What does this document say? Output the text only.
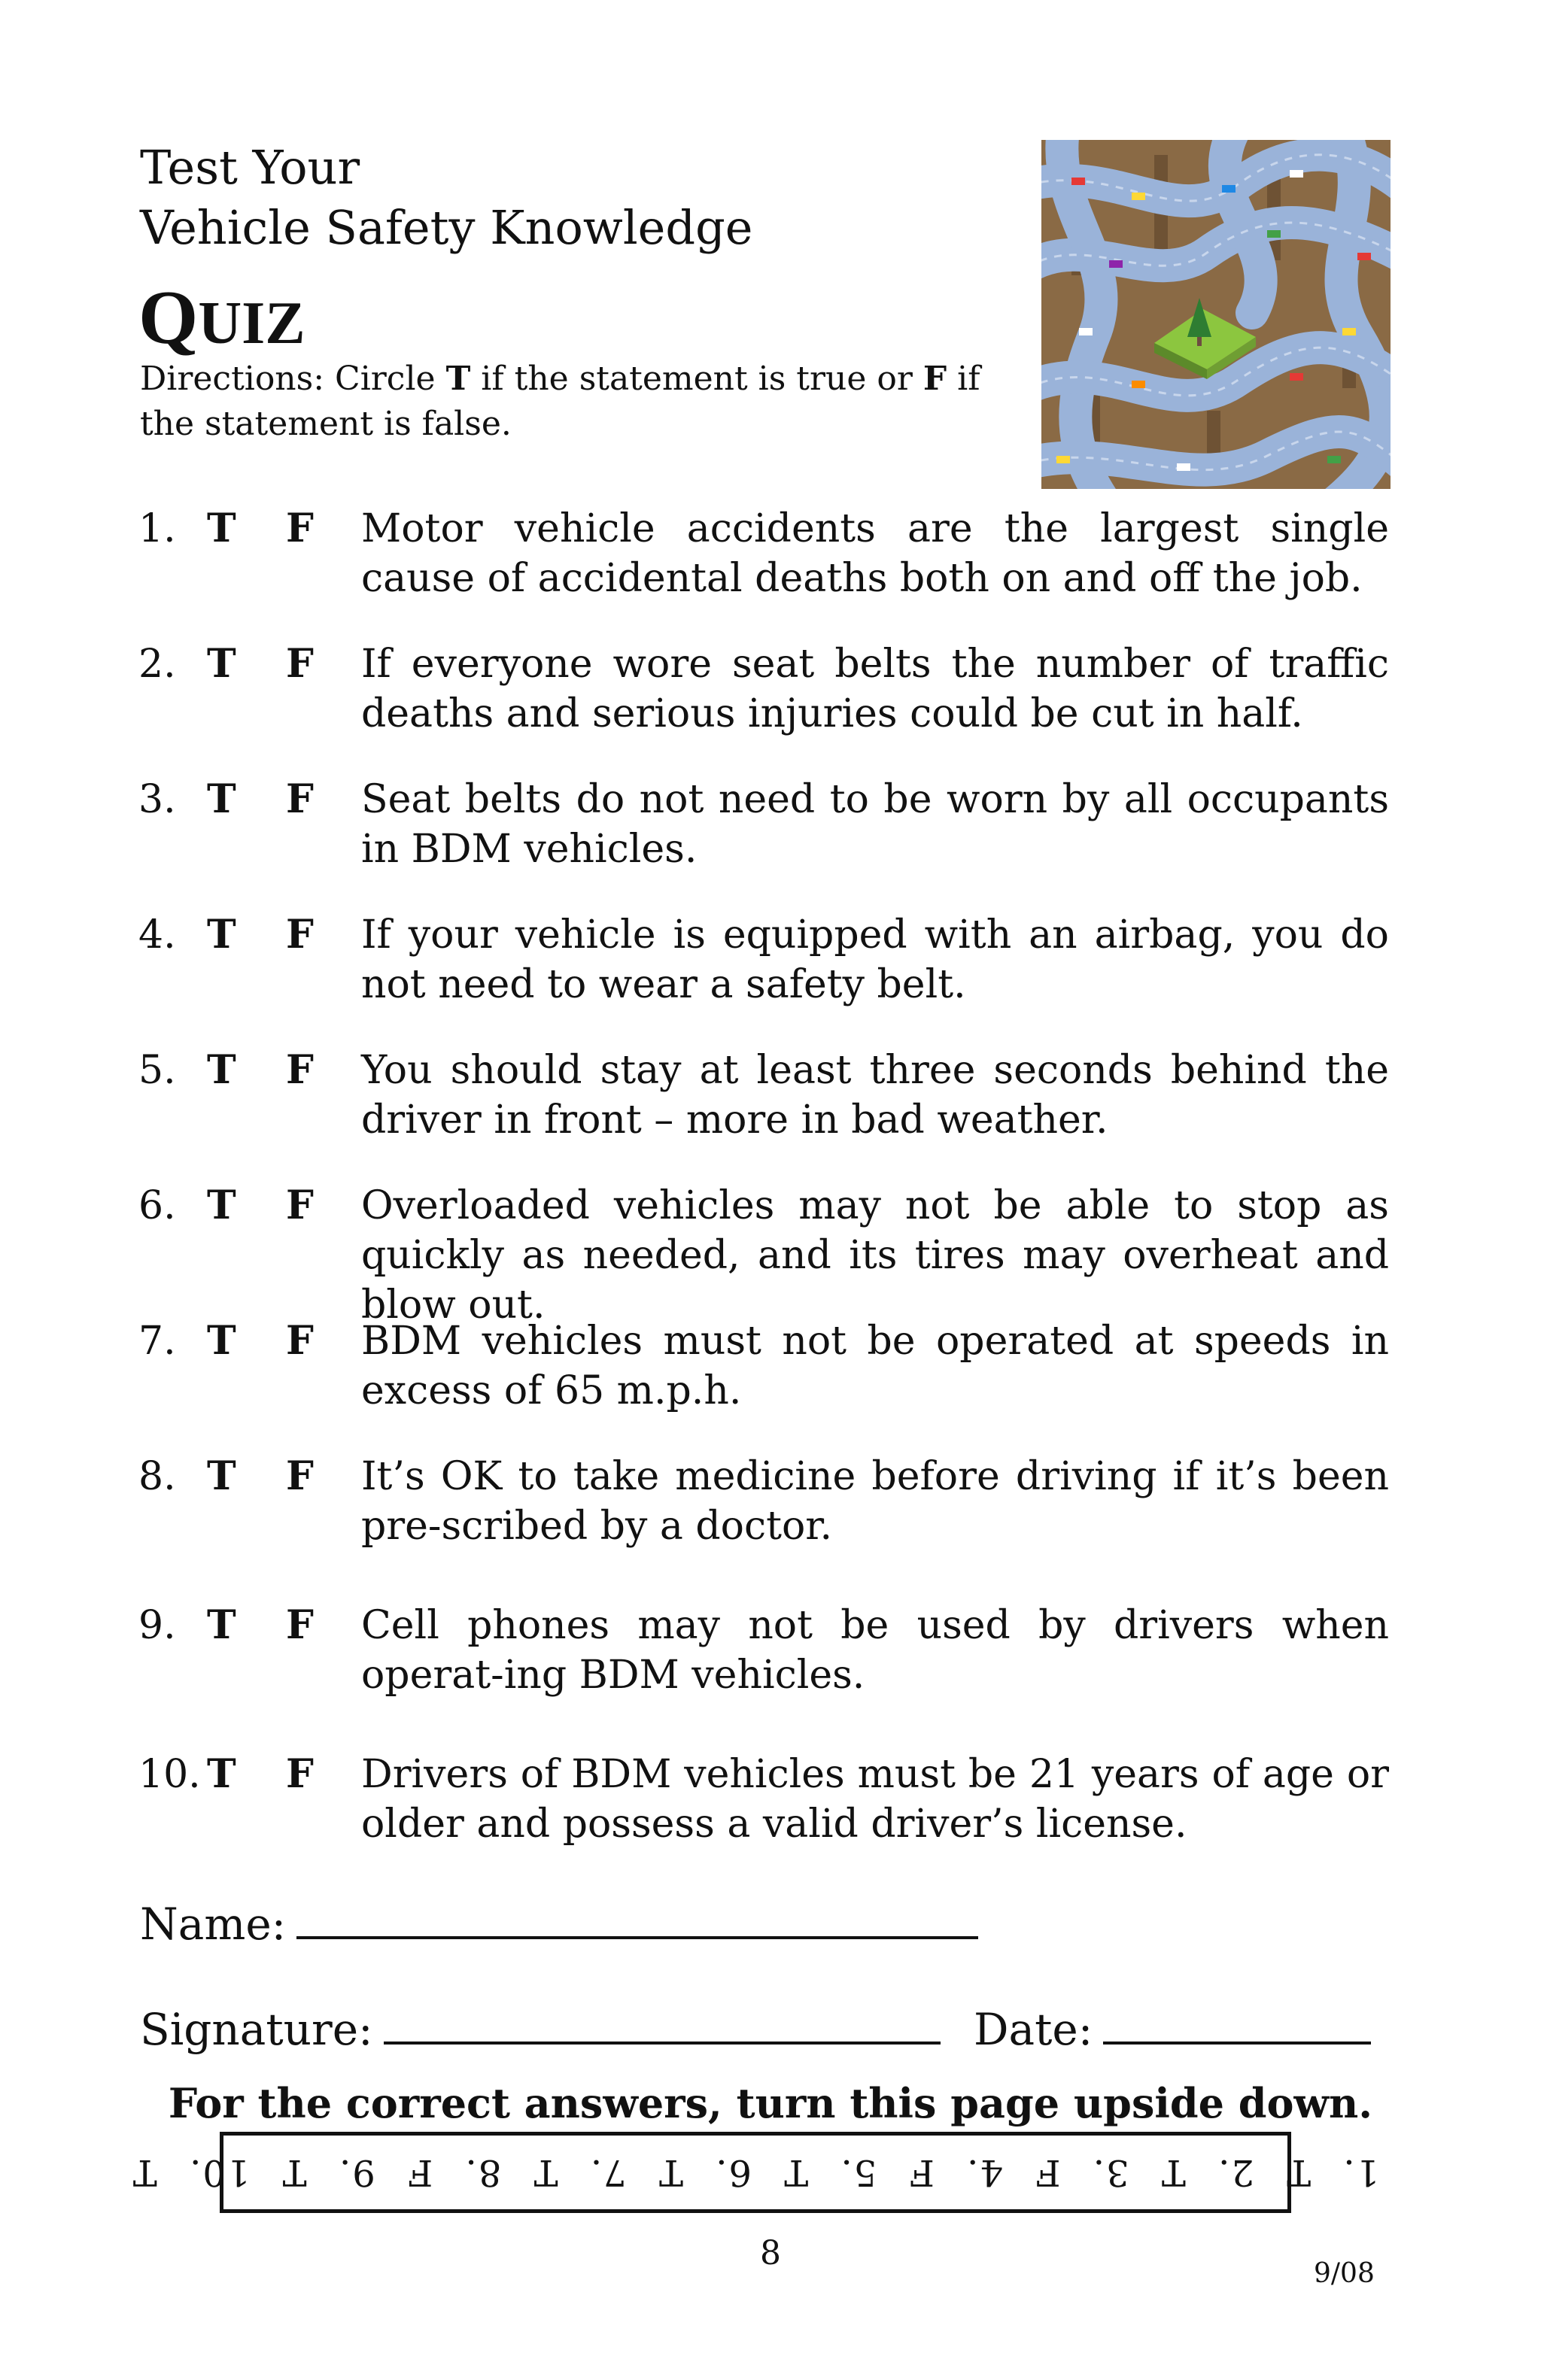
Test Your
Vehicle Safety Knowledge
QUIZ
Directions: Circle T if the statement is true or F if the statement is false.
1. T F Motor vehicle accidents are the largest single cause of accidental deaths both on and off the job.
2. T F If everyone wore seat belts the number of traffic deaths and serious injuries could be cut in half.
3. T F Seat belts do not need to be worn by all occupants in BDM vehicles.
4. T F If your vehicle is equipped with an airbag, you do not need to wear a safety belt.
5. T F You should stay at least three seconds behind the driver in front – more in bad weather.
6. T F Overloaded vehicles may not be able to stop as quickly as needed, and its tires may overheat and blow out.
7. T F BDM vehicles must not be operated at speeds in excess of 65 m.p.h.
8. T F It’s OK to take medicine before driving if it’s been pre-scribed by a doctor.
9. T F Cell phones may not be used by drivers when operat-ing BDM vehicles.
10. T F Drivers of BDM vehicles must be 21 years of age or older and possess a valid driver’s license.
Name:
Signature:	Date:
For the correct answers, turn this page upside down.
1. T 2. T 3. F 4. F 5. T 6. T 7. T 8. F 9. T 10. T
8
9/08
